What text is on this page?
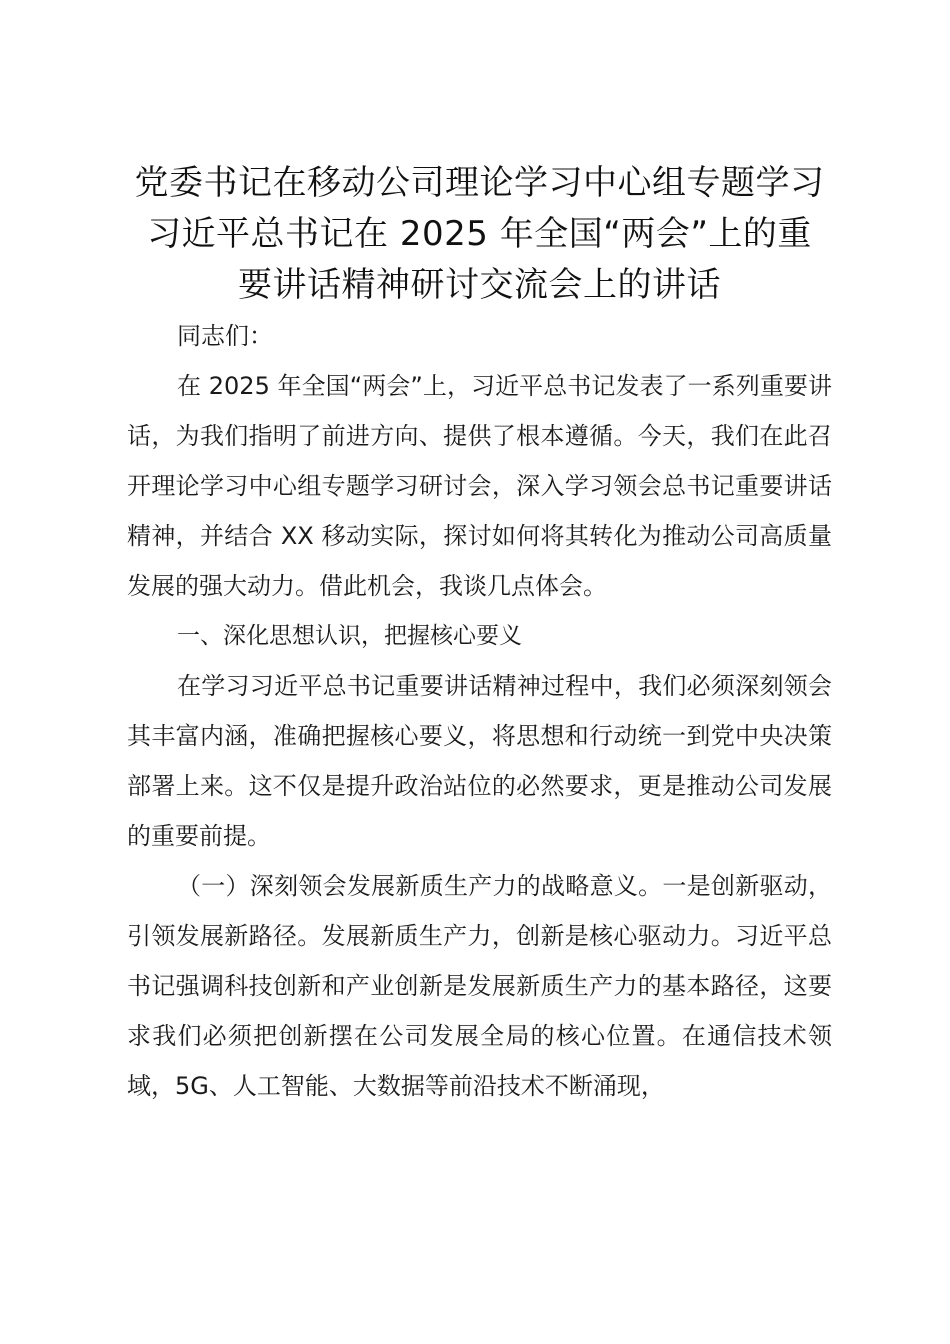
党委书记在移动公司理论学习中心组专题学习
习近平总书记在 2025 年全国“两会”上的重
要讲话精神研讨交流会上的讲话

同志们：

在 2025 年全国“两会”上，习近平总书记发表了一系列重要讲话，为我们指明了前进方向、提供了根本遵循。今天，我们在此召开理论学习中心组专题学习研讨会，深入学习领会总书记重要讲话精神，并结合 XX 移动实际，探讨如何将其转化为推动公司高质量发展的强大动力。借此机会，我谈几点体会。

一、深化思想认识，把握核心要义

在学习习近平总书记重要讲话精神过程中，我们必须深刻领会其丰富内涵，准确把握核心要义，将思想和行动统一到党中央决策部署上来。这不仅是提升政治站位的必然要求，更是推动公司发展的重要前提。

（一）深刻领会发展新质生产力的战略意义。一是创新驱动，引领发展新路径。发展新质生产力，创新是核心驱动力。习近平总书记强调科技创新和产业创新是发展新质生产力的基本路径，这要求我们必须把创新摆在公司发展全局的核心位置。在通信技术领域，5G、人工智能、大数据等前沿技术不断涌现，
